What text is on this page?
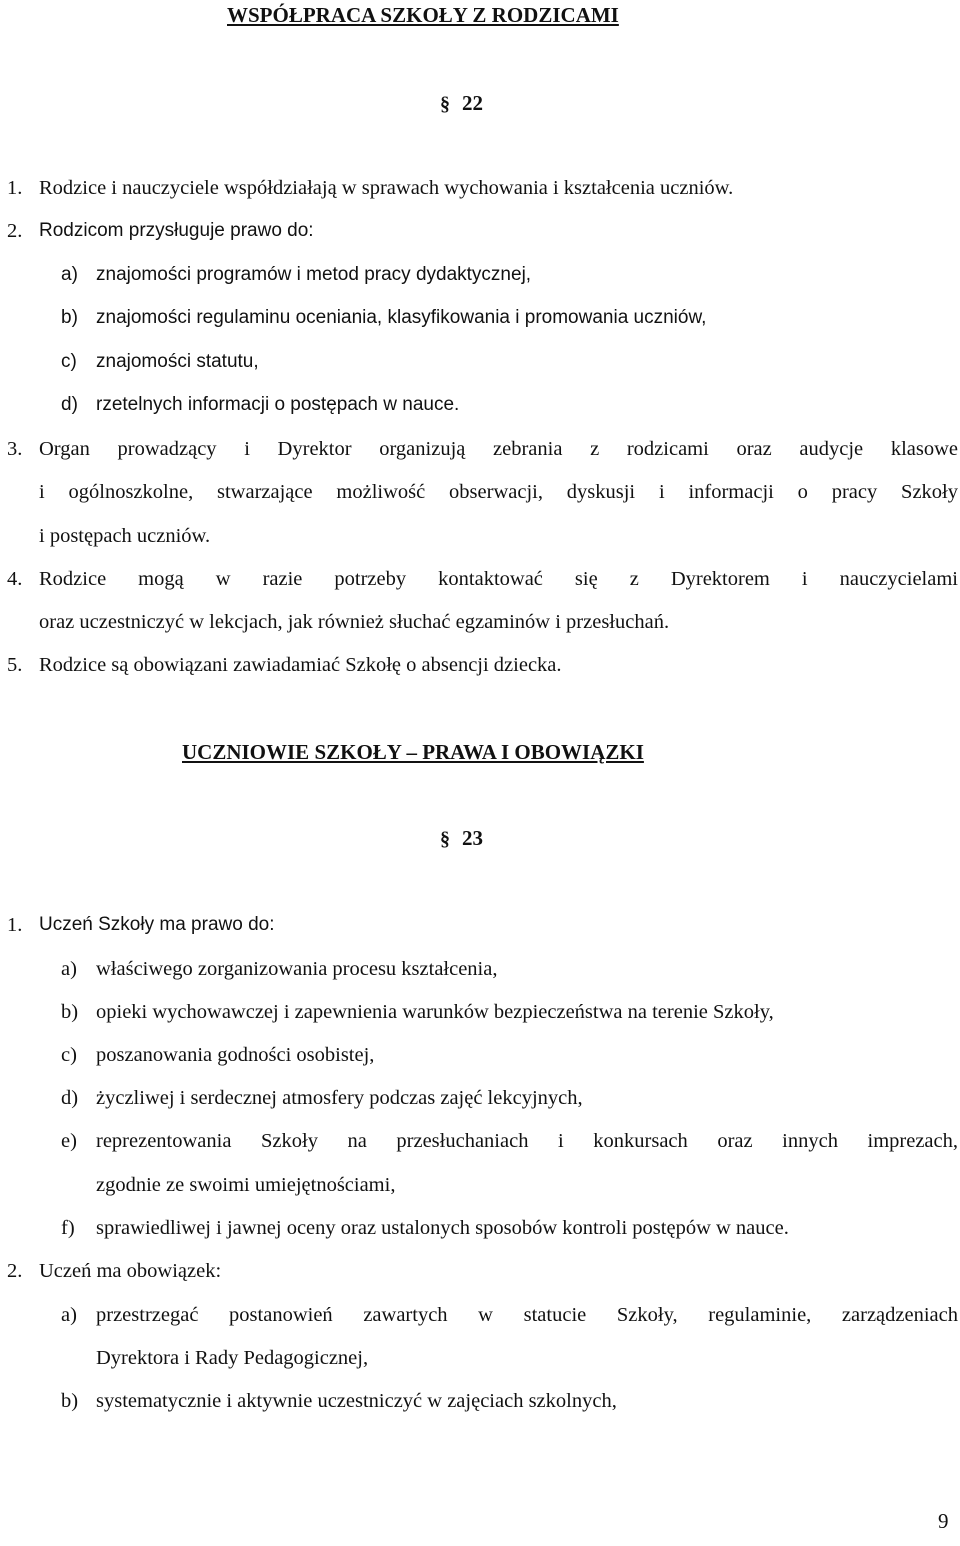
WSPÓŁPRACA SZKOŁY Z RODZICAMI
§ 22
1. Rodzice i nauczyciele współdziałają w sprawach wychowania i kształcenia uczniów.
2. Rodzicom przysługuje prawo do:
a) znajomości programów i metod pracy dydaktycznej,
b) znajomości regulaminu oceniania, klasyfikowania i promowania uczniów,
c) znajomości statutu,
d) rzetelnych informacji o postępach w nauce.
3. Organ prowadzący i Dyrektor organizują zebrania z rodzicami oraz audycje klasowe
i ogólnoszkolne, stwarzające możliwość obserwacji, dyskusji i informacji o pracy Szkoły
i postępach uczniów.
4. Rodzice mogą w razie potrzeby kontaktować się z Dyrektorem i nauczycielami
oraz uczestniczyć w lekcjach, jak również słuchać egzaminów i przesłuchań.
5. Rodzice są obowiązani zawiadamiać Szkołę o absencji dziecka.
UCZNIOWIE SZKOŁY – PRAWA I OBOWIĄZKI
§ 23
1. Uczeń Szkoły ma prawo do:
a) właściwego zorganizowania procesu kształcenia,
b) opieki wychowawczej i zapewnienia warunków bezpieczeństwa na terenie Szkoły,
c) poszanowania godności osobistej,
d) życzliwej i serdecznej atmosfery podczas zajęć lekcyjnych,
e) reprezentowania Szkoły na przesłuchaniach i konkursach oraz innych imprezach,
zgodnie ze swoimi umiejętnościami,
f) sprawiedliwej i jawnej oceny oraz ustalonych sposobów kontroli postępów w nauce.
2. Uczeń ma obowiązek:
a) przestrzegać postanowień zawartych w statucie Szkoły, regulaminie, zarządzeniach
Dyrektora i Rady Pedagogicznej,
b) systematycznie i aktywnie uczestniczyć w zajęciach szkolnych,
9
